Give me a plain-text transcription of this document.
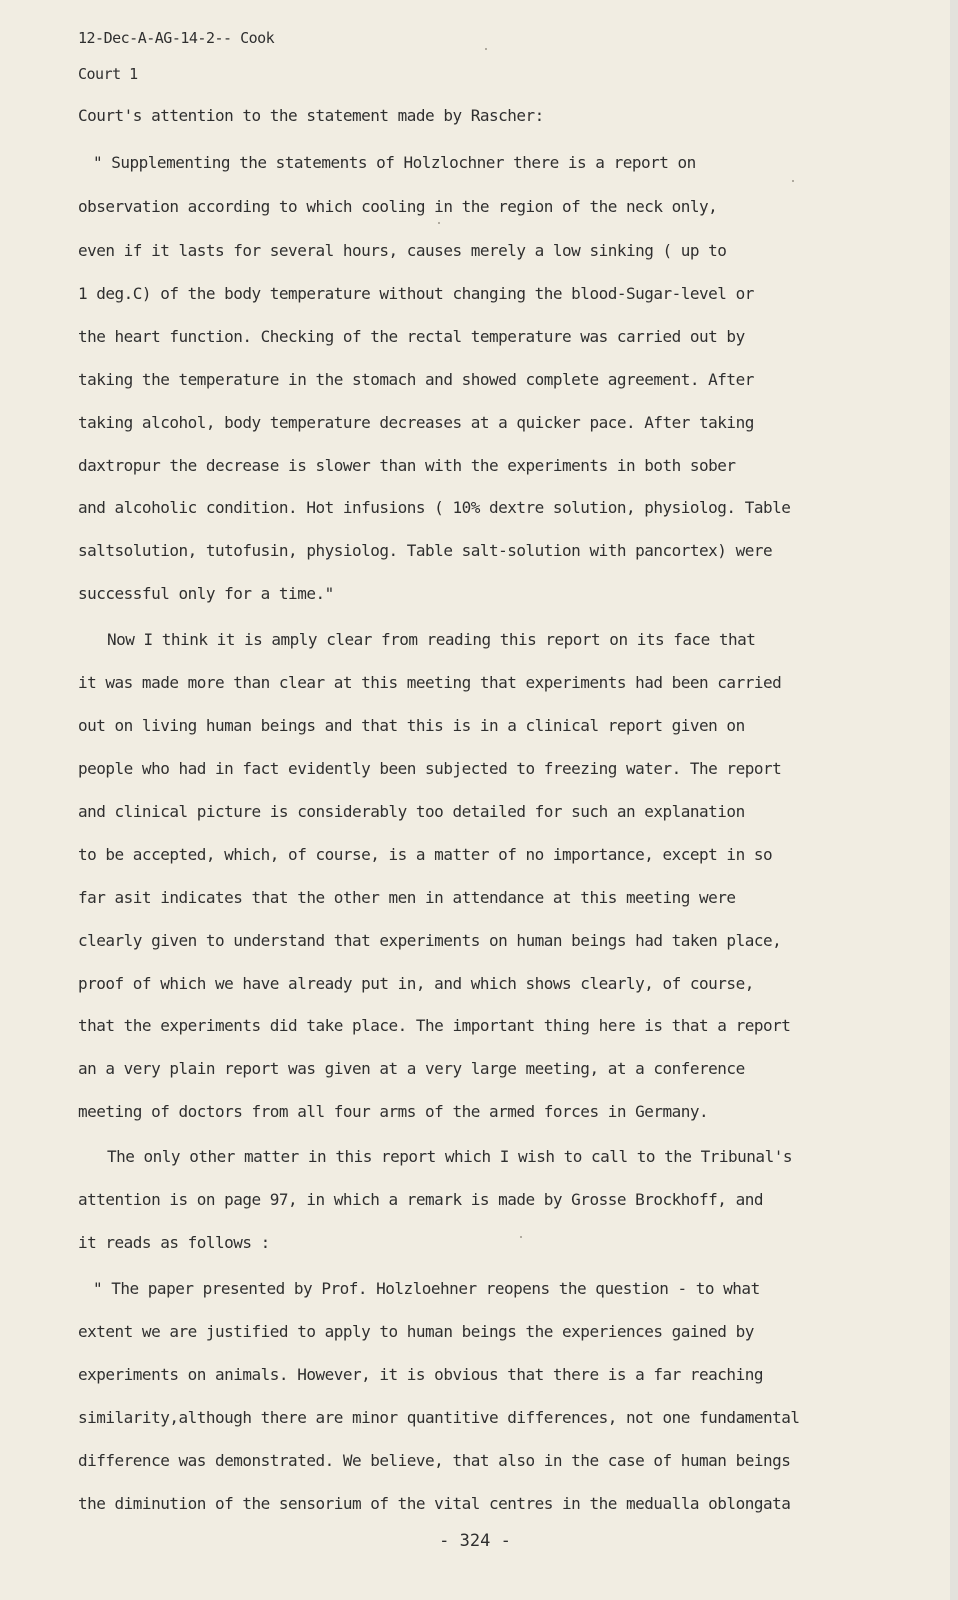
12-Dec-A-AG-14-2-- Cook

Court 1

Court's attention to the statement made by Rascher:

" Supplementing the statements of Holzlochner there is a report on

observation according to which cooling in the region of the neck only,

even if it lasts for several hours, causes merely a low sinking ( up to

1 deg.C) of the body temperature without changing the blood-Sugar-level or

the heart function. Checking of the rectal temperature was carried out by

taking the temperature in the stomach and showed complete agreement. After

taking alcohol, body temperature decreases at a quicker pace. After taking

daxtropur the decrease is slower than with the experiments in both sober

and alcoholic condition. Hot infusions ( 10% dextre solution, physiolog. Table

saltsolution, tutofusin, physiolog. Table salt-solution with pancortex) were

successful only for a time."

Now I think it is amply clear from reading this report on its face that

it was made more than clear at this meeting that experiments had been carried

out on living human beings and that this is in a clinical report given on

people who had in fact evidently been subjected to freezing water. The report

and clinical picture is considerably too detailed for such an explanation

to be accepted, which, of course, is a matter of no importance, except in so

far asit indicates that the other men in attendance at this meeting were

clearly given to understand that experiments on human beings had taken place,

proof of which we have already put in, and which shows clearly, of course,

that the experiments did take place. The important thing here is that a report

an a very plain report was given at a very large meeting, at a conference

meeting of doctors from all four arms of the armed forces in Germany.

The only other matter in this report which I wish to call to the Tribunal's

attention is on page 97, in which a remark is made by Grosse Brockhoff, and

it reads as follows :

" The paper presented by Prof. Holzloehner reopens the question - to what

extent we are justified to apply to human beings the experiences gained by

experiments on animals. However, it is obvious that there is a far reaching

similarity,although there are minor quantitive differences, not one fundamental

difference was demonstrated. We believe, that also in the case of human beings

the diminution of the sensorium of the vital centres in the medualla oblongata

- 324 -
